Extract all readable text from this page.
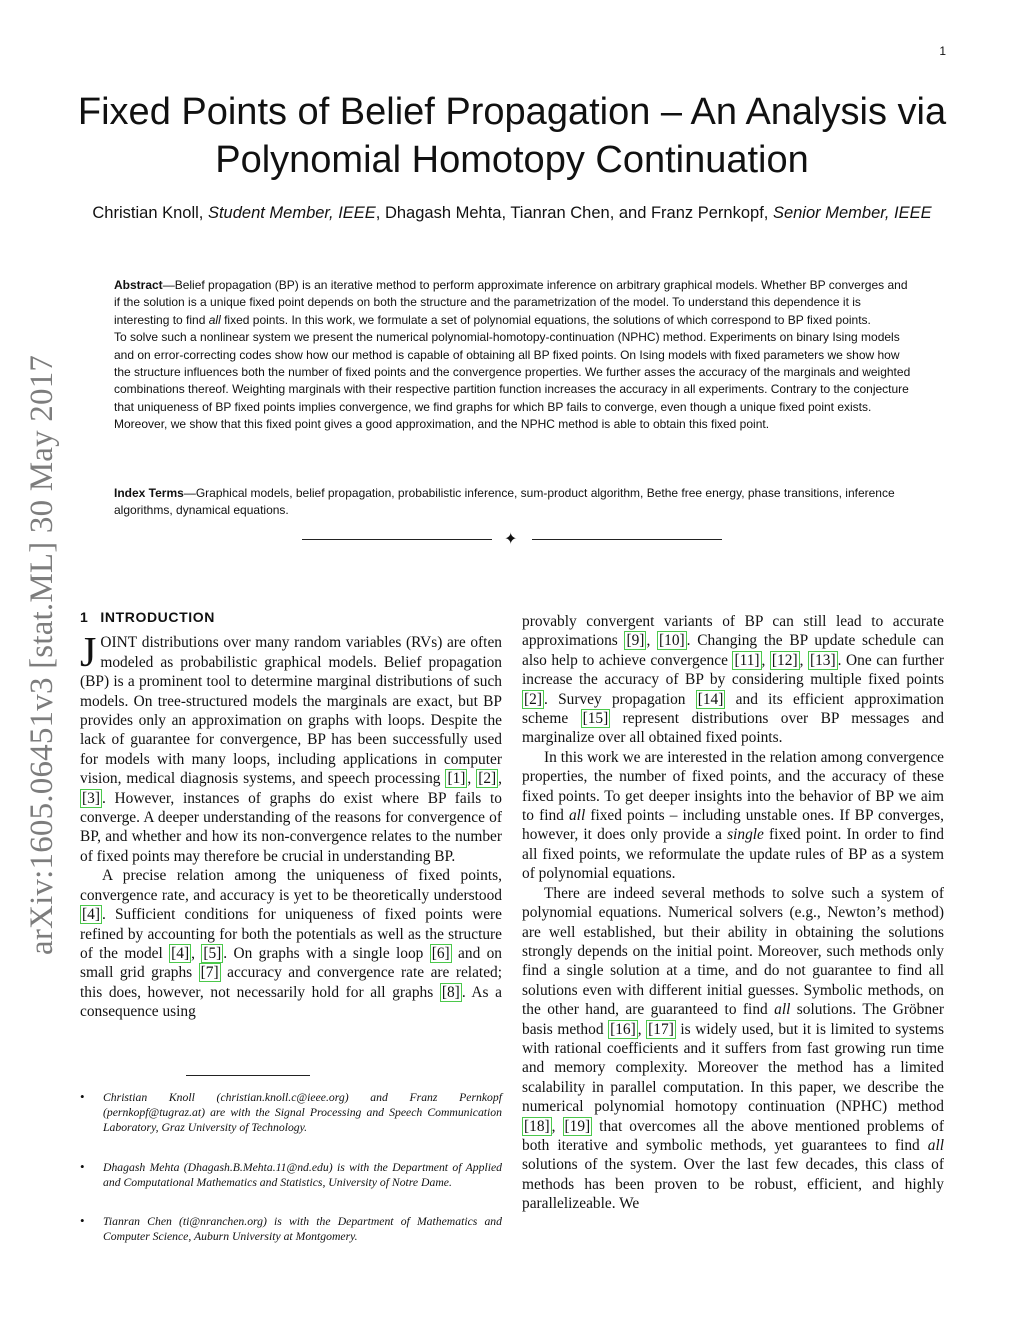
1
arXiv:1605.06451v3 [stat.ML] 30 May 2017
Fixed Points of Belief Propagation – An Analysis via Polynomial Homotopy Continuation
Christian Knoll, Student Member, IEEE, Dhagash Mehta, Tianran Chen, and Franz Pernkopf, Senior Member, IEEE

Abstract—Belief propagation (BP) is an iterative method to perform approximate inference on arbitrary graphical models. Whether BP converges and if the solution is a unique fixed point depends on both the structure and the parametrization of the model. To understand this dependence it is interesting to find all fixed points. In this work, we formulate a set of polynomial equations, the solutions of which correspond to BP fixed points.

To solve such a nonlinear system we present the numerical polynomial-homotopy-continuation (NPHC) method. Experiments on binary Ising models and on error-correcting codes show how our method is capable of obtaining all BP fixed points. On Ising models with fixed parameters we show how the structure influences both the number of fixed points and the convergence properties. We further asses the accuracy of the marginals and weighted combinations thereof. Weighting marginals with their respective partition function increases the accuracy in all experiments. Contrary to the conjecture that uniqueness of BP fixed points implies convergence, we find graphs for which BP fails to converge, even though a unique fixed point exists. Moreover, we show that this fixed point gives a good approximation, and the NPHC method is able to obtain this fixed point.

Index Terms—Graphical models, belief propagation, probabilistic inference, sum-product algorithm, Bethe free energy, phase transitions, inference algorithms, dynamical equations.
✦
1 INTRODUCTION

JOINT distributions over many random variables (RVs) are often modeled as probabilistic graphical models. Belief propagation (BP) is a prominent tool to determine marginal distributions of such models. On tree-structured models the marginals are exact, but BP provides only an approximation on graphs with loops. Despite the lack of guarantee for convergence, BP has been successfully used for models with many loops, including applications in computer vision, medical diagnosis systems, and speech processing [1] , [2] , [3] . However, instances of graphs do exist where BP fails to converge. A deeper understanding of the reasons for convergence of BP, and whether and how its non-convergence relates to the number of fixed points may therefore be crucial in understanding BP.

A precise relation among the uniqueness of fixed points, convergence rate, and accuracy is yet to be theoretically understood [4] . Sufficient conditions for uniqueness of fixed points were refined by accounting for both the potentials as well as the structure of the model [4] , [5] . On graphs with a single loop [6] and on small grid graphs [7] accuracy and convergence rate are related; this does, however, not necessarily hold for all graphs [8] . As a consequence using

• Christian Knoll (christian.knoll.c@ieee.org) and Franz Pernkopf (pernkopf@tugraz.at) are with the Signal Processing and Speech Communication Laboratory, Graz University of Technology.
• Dhagash Mehta (Dhagash.B.Mehta.11@nd.edu) is with the Department of Applied and Computational Mathematics and Statistics, University of Notre Dame.
• Tianran Chen (ti@nranchen.org) is with the Department of Mathematics and Computer Science, Auburn University at Montgomery.

provably convergent variants of BP can still lead to accurate approximations [9] , [10] . Changing the BP update schedule can also help to achieve convergence [11] , [12] , [13] . One can further increase the accuracy of BP by considering multiple fixed points [2] . Survey propagation [14] and its efficient approximation scheme [15] represent distributions over BP messages and marginalize over all obtained fixed points.

In this work we are interested in the relation among convergence properties, the number of fixed points, and the accuracy of these fixed points. To get deeper insights into the behavior of BP we aim to find all fixed points – including unstable ones. If BP converges, however, it does only provide a single fixed point. In order to find all fixed points, we reformulate the update rules of BP as a system of polynomial equations.

There are indeed several methods to solve such a system of polynomial equations. Numerical solvers (e.g., Newton’s method) are well established, but their ability in obtaining the solutions strongly depends on the initial point. Moreover, such methods only find a single solution at a time, and do not guarantee to find all solutions even with different initial guesses. Symbolic methods, on the other hand, are guaranteed to find all solutions. The Gröbner basis method [16] , [17] is widely used, but it is limited to systems with rational coefficients and it suffers from fast growing run time and memory complexity. Moreover the method has a limited scalability in parallel computation. In this paper, we describe the numerical polynomial homotopy continuation (NPHC) method [18] , [19] that overcomes all the above mentioned problems of both iterative and symbolic methods, yet guarantees to find all solutions of the system. Over the last few decades, this class of methods has been proven to be robust, efficient, and highly parallelizeable. We
